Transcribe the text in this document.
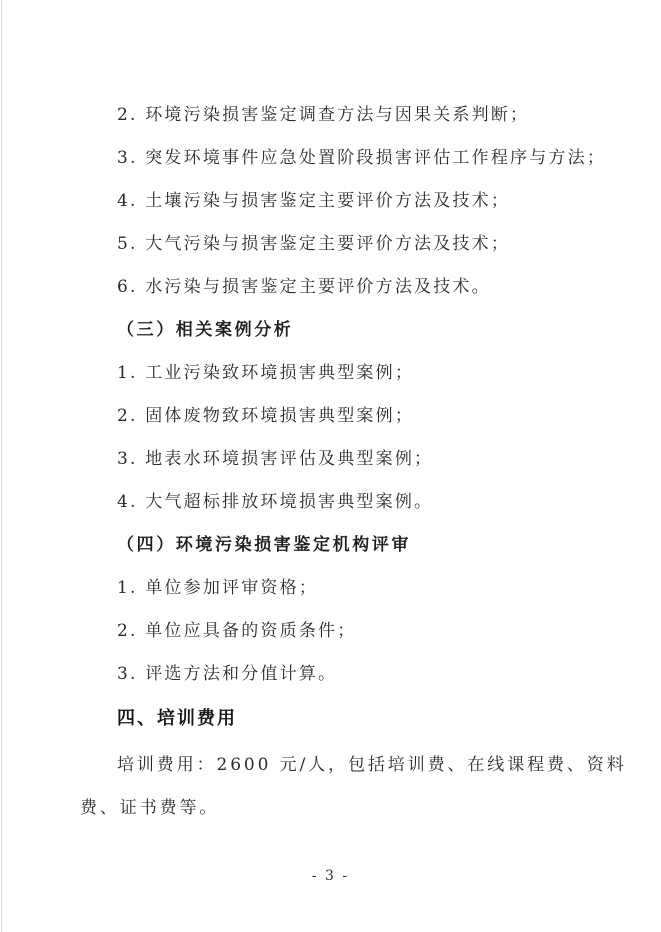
2. 环境污染损害鉴定调查方法与因果关系判断；

3. 突发环境事件应急处置阶段损害评估工作程序与方法；

4. 土壤污染与损害鉴定主要评价方法及技术；

5. 大气污染与损害鉴定主要评价方法及技术；

6. 水污染与损害鉴定主要评价方法及技术。

（三）相关案例分析

1. 工业污染致环境损害典型案例；

2. 固体废物致环境损害典型案例；

3. 地表水环境损害评估及典型案例；

4. 大气超标排放环境损害典型案例。

（四）环境污染损害鉴定机构评审

1. 单位参加评审资格；

2. 单位应具备的资质条件；

3. 评选方法和分值计算。

四、培训费用

培训费用：2600 元/人，包括培训费、在线课程费、资料

费、证书费等。

- 3 -
